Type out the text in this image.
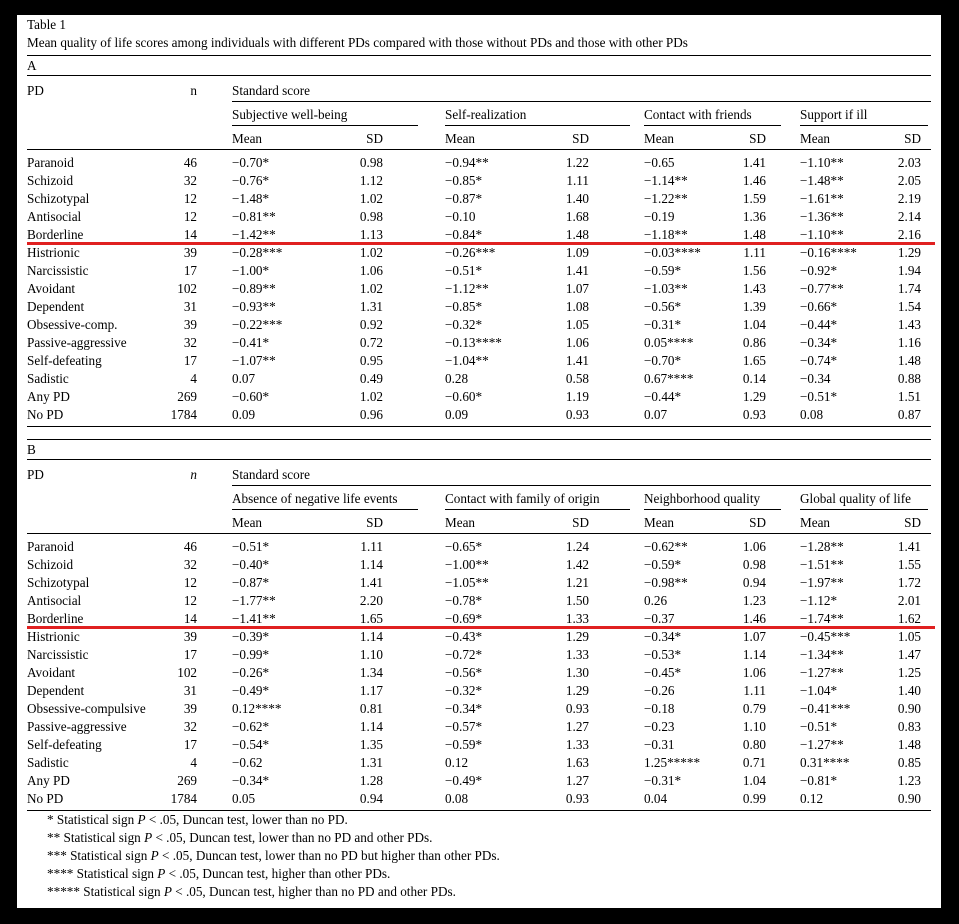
Table 1
Mean quality of life scores among individuals with different PDs compared with those without PDs and those with other PDs
A
PD	n	Standard score
Subjective well-being
Mean	SD
Self-realization
Mean	SD
Contact with friends
Mean	SD
Support if ill
Mean	SD
Paranoid	46	−0.70*	0.98	−0.94**	1.22	−0.65	1.41	−1.10**	2.03
Schizoid	32	−0.76*	1.12	−0.85*	1.11	−1.14**	1.46	−1.48**	2.05
Schizotypal	12	−1.48*	1.02	−0.87*	1.40	−1.22**	1.59	−1.61**	2.19
Antisocial	12	−0.81**	0.98	−0.10	1.68	−0.19	1.36	−1.36**	2.14
Borderline	14	−1.42**	1.13	−0.84*	1.48	−1.18**	1.48	−1.10**	2.16
Histrionic	39	−0.28***	1.02	−0.26***	1.09	−0.03****	1.11	−0.16****	1.29
Narcissistic	17	−1.00*	1.06	−0.51*	1.41	−0.59*	1.56	−0.92*	1.94
Avoidant	102	−0.89**	1.02	−1.12**	1.07	−1.03**	1.43	−0.77**	1.74
Dependent	31	−0.93**	1.31	−0.85*	1.08	−0.56*	1.39	−0.66*	1.54
Obsessive-comp.	39	−0.22***	0.92	−0.32*	1.05	−0.31*	1.04	−0.44*	1.43
Passive-aggressive	32	−0.41*	0.72	−0.13****	1.06	0.05****	0.86	−0.34*	1.16
Self-defeating	17	−1.07**	0.95	−1.04**	1.41	−0.70*	1.65	−0.74*	1.48
Sadistic	4	0.07	0.49	0.28	0.58	0.67****	0.14	−0.34	0.88
Any PD	269	−0.60*	1.02	−0.60*	1.19	−0.44*	1.29	−0.51*	1.51
No PD	1784	0.09	0.96	0.09	0.93	0.07	0.93	0.08	0.87
B
PD	n	Standard score
Absence of negative life events
Mean	SD
Contact with family of origin
Mean	SD
Neighborhood quality
Mean	SD
Global quality of life
Mean	SD
Paranoid	46	−0.51*	1.11	−0.65*	1.24	−0.62**	1.06	−1.28**	1.41
Schizoid	32	−0.40*	1.14	−1.00**	1.42	−0.59*	0.98	−1.51**	1.55
Schizotypal	12	−0.87*	1.41	−1.05**	1.21	−0.98**	0.94	−1.97**	1.72
Antisocial	12	−1.77**	2.20	−0.78*	1.50	0.26	1.23	−1.12*	2.01
Borderline	14	−1.41**	1.65	−0.69*	1.33	−0.37	1.46	−1.74**	1.62
Histrionic	39	−0.39*	1.14	−0.43*	1.29	−0.34*	1.07	−0.45***	1.05
Narcissistic	17	−0.99*	1.10	−0.72*	1.33	−0.53*	1.14	−1.34**	1.47
Avoidant	102	−0.26*	1.34	−0.56*	1.30	−0.45*	1.06	−1.27**	1.25
Dependent	31	−0.49*	1.17	−0.32*	1.29	−0.26	1.11	−1.04*	1.40
Obsessive-compulsive	39	0.12****	0.81	−0.34*	0.93	−0.18	0.79	−0.41***	0.90
Passive-aggressive	32	−0.62*	1.14	−0.57*	1.27	−0.23	1.10	−0.51*	0.83
Self-defeating	17	−0.54*	1.35	−0.59*	1.33	−0.31	0.80	−1.27**	1.48
Sadistic	4	−0.62	1.31	0.12	1.63	1.25*****	0.71	0.31****	0.85
Any PD	269	−0.34*	1.28	−0.49*	1.27	−0.31*	1.04	−0.81*	1.23
No PD	1784	0.05	0.94	0.08	0.93	0.04	0.99	0.12	0.90
* Statistical sign P < .05, Duncan test, lower than no PD.
** Statistical sign P < .05, Duncan test, lower than no PD and other PDs.
*** Statistical sign P < .05, Duncan test, lower than no PD but higher than other PDs.
**** Statistical sign P < .05, Duncan test, higher than other PDs.
***** Statistical sign P < .05, Duncan test, higher than no PD and other PDs.
